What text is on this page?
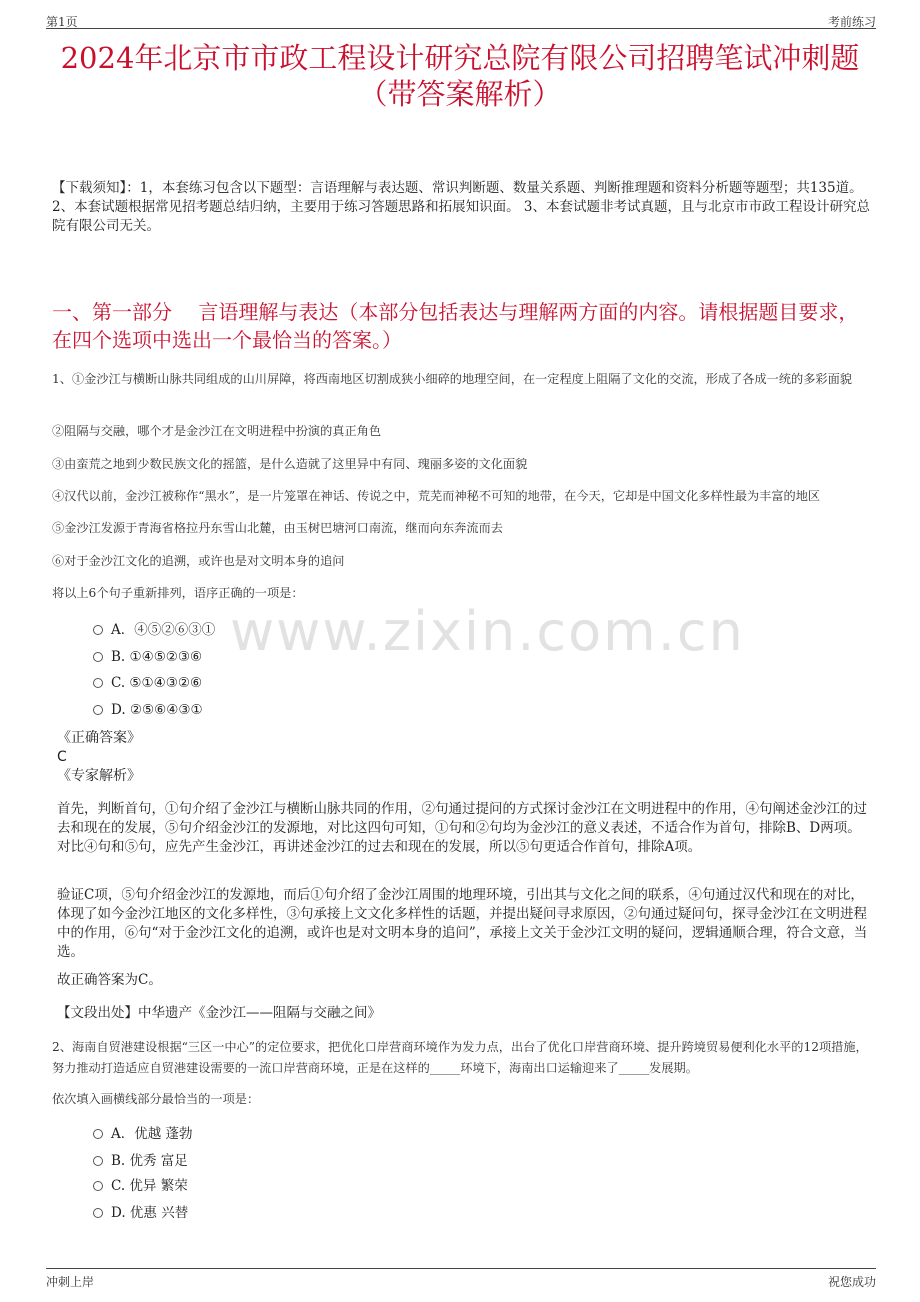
第1页	考前练习
2024年北京市市政工程设计研究总院有限公司招聘笔试冲刺题
（带答案解析）
【下载须知】：1，本套练习包含以下题型：言语理解与表达题、常识判断题、数量关系题、判断推理题和资料分析题等题型；共135道。 2、本套试题根据常见招考题总结归纳，主要用于练习答题思路和拓展知识面。 3、本套试题非考试真题，且与北京市市政工程设计研究总院有限公司无关。
一、第一部分　 言语理解与表达（本部分包括表达与理解两方面的内容。请根据题目要求，在四个选项中选出一个最恰当的答案。）
1、①金沙江与横断山脉共同组成的山川屏障，将西南地区切割成狭小细碎的地理空间，在一定程度上阻隔了文化的交流，形成了各成一统的多彩面貌
②阻隔与交融，哪个才是金沙江在文明进程中扮演的真正角色
③由蛮荒之地到少数民族文化的摇篮，是什么造就了这里异中有同、瑰丽多姿的文化面貌
④汉代以前，金沙江被称作“黑水”，是一片笼罩在神话、传说之中，荒芜而神秘不可知的地带，在今天，它却是中国文化多样性最为丰富的地区
⑤金沙江发源于青海省格拉丹东雪山北麓，由玉树巴塘河口南流，继而向东奔流而去
⑥对于金沙江文化的追溯，或许也是对文明本身的追问
将以上6个句子重新排列，语序正确的一项是：
A．④⑤②⑥③①
B. ①④⑤②③⑥
C. ⑤①④③②⑥
D. ②⑤⑥④③①
《正确答案》
C
《专家解析》
首先，判断首句，①句介绍了金沙江与横断山脉共同的作用，②句通过提问的方式探讨金沙江在文明进程中的作用，④句阐述金沙江的过去和现在的发展，⑤句介绍金沙江的发源地，对比这四句可知，①句和②句均为金沙江的意义表述，不适合作为首句，排除B、D两项。对比④句和⑤句，应先产生金沙江，再讲述金沙江的过去和现在的发展，所以⑤句更适合作首句，排除A项。
验证C项，⑤句介绍金沙江的发源地，而后①句介绍了金沙江周围的地理环境，引出其与文化之间的联系，④句通过汉代和现在的对比，体现了如今金沙江地区的文化多样性，③句承接上文文化多样性的话题，并提出疑问寻求原因，②句通过疑问句，探寻金沙江在文明进程中的作用，⑥句“对于金沙江文化的追溯，或许也是对文明本身的追问”，承接上文关于金沙江文明的疑问，逻辑通顺合理，符合文意，当选。
故正确答案为C。
【文段出处】中华遗产《金沙江——阻隔与交融之间》
2、海南自贸港建设根据“三区一中心”的定位要求，把优化口岸营商环境作为发力点，出台了优化口岸营商环境、提升跨境贸易便利化水平的12项措施，努力推动打造适应自贸港建设需要的一流口岸营商环境，正是在这样的_____环境下，海南出口运输迎来了_____发展期。
依次填入画横线部分最恰当的一项是：
A．优越 蓬勃
B. 优秀 富足
C. 优异 繁荣
D. 优惠 兴替
www.zixin.com.cn
冲刺上岸	祝您成功
